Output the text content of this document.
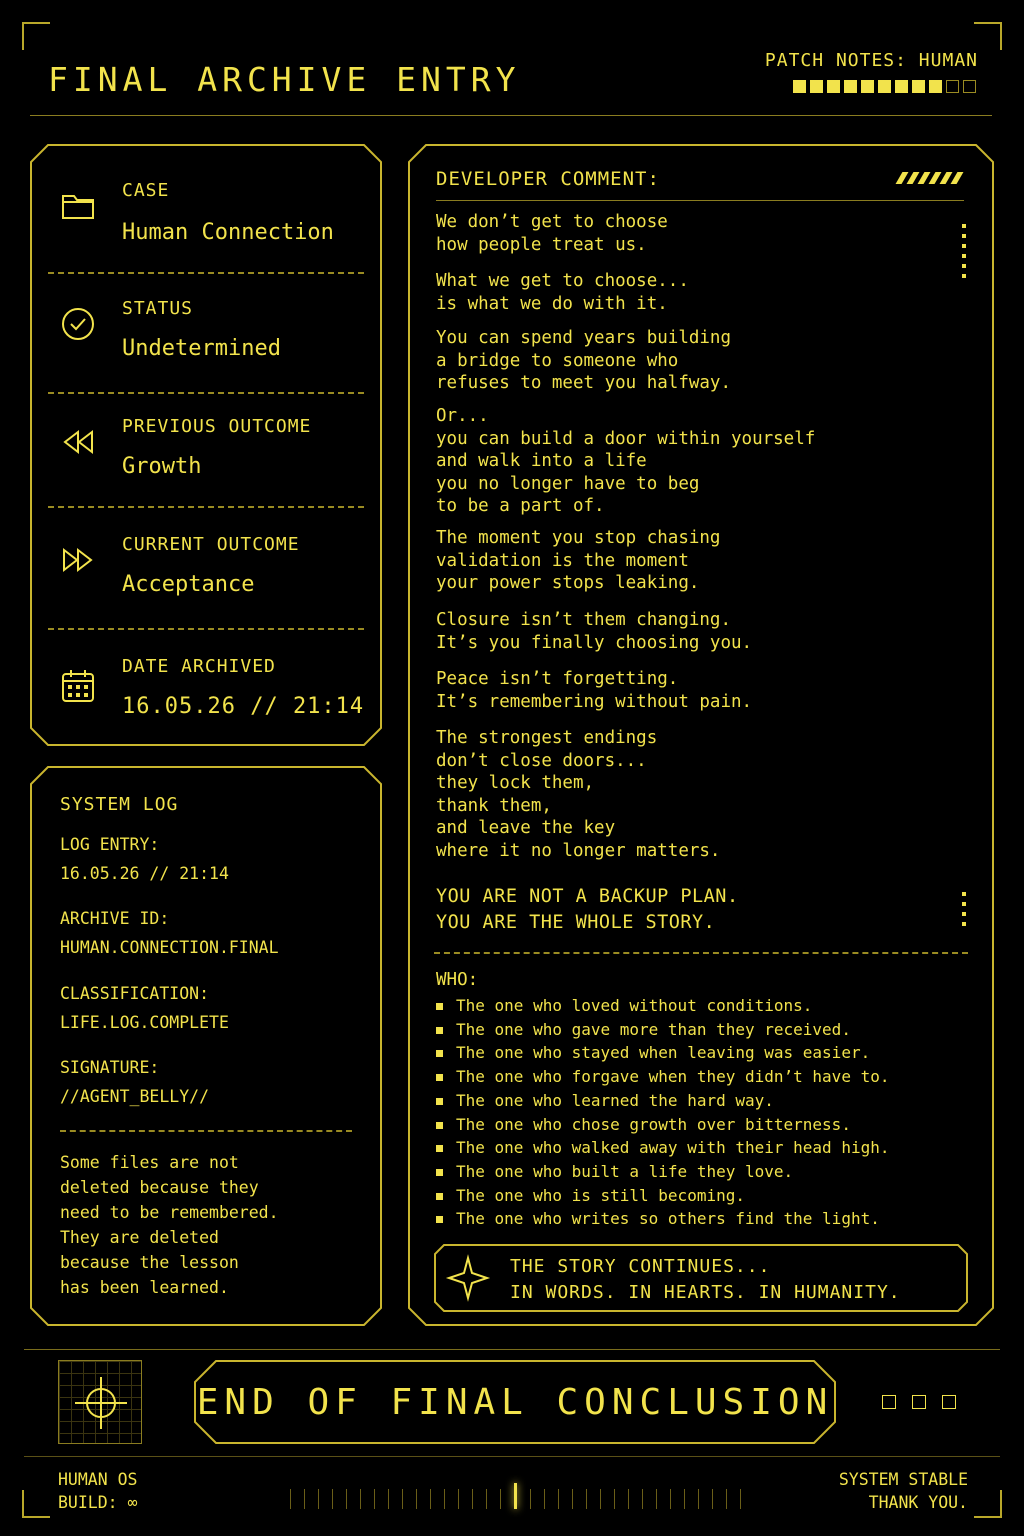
FINAL ARCHIVE ENTRY	PATCH NOTES: HUMAN
CASE
Human Connection
STATUS
Undetermined
PREVIOUS OUTCOME
Growth
CURRENT OUTCOME
Acceptance
DATE ARCHIVED
16.05.26 // 21:14
SYSTEM LOG
LOG ENTRY:
16.05.26 // 21:14
ARCHIVE ID:
HUMAN.CONNECTION.FINAL
CLASSIFICATION:
LIFE.LOG.COMPLETE
SIGNATURE:
//AGENT_BELLY//
Some files are not
deleted because they
need to be remembered.
They are deleted
because the lesson
has been learned.
DEVELOPER COMMENT:
We don’t get to choose
how people treat us.
What we get to choose...
is what we do with it.
You can spend years building
a bridge to someone who
refuses to meet you halfway.
Or...
you can build a door within yourself
and walk into a life
you no longer have to beg
to be a part of.
The moment you stop chasing
validation is the moment
your power stops leaking.
Closure isn’t them changing.
It’s you finally choosing you.
Peace isn’t forgetting.
It’s remembering without pain.
The strongest endings
don’t close doors...
they lock them,
thank them,
and leave the key
where it no longer matters.
YOU ARE NOT A BACKUP PLAN.
YOU ARE THE WHOLE STORY.
WHO:
The one who loved without conditions.
The one who gave more than they received.
The one who stayed when leaving was easier.
The one who forgave when they didn’t have to.
The one who learned the hard way.
The one who chose growth over bitterness.
The one who walked away with their head high.
The one who built a life they love.
The one who is still becoming.
The one who writes so others find the light.
THE STORY CONTINUES...
IN WORDS. IN HEARTS. IN HUMANITY.
END OF FINAL CONCLUSION
HUMAN OS
BUILD: ∞
SYSTEM STABLE
THANK YOU.
